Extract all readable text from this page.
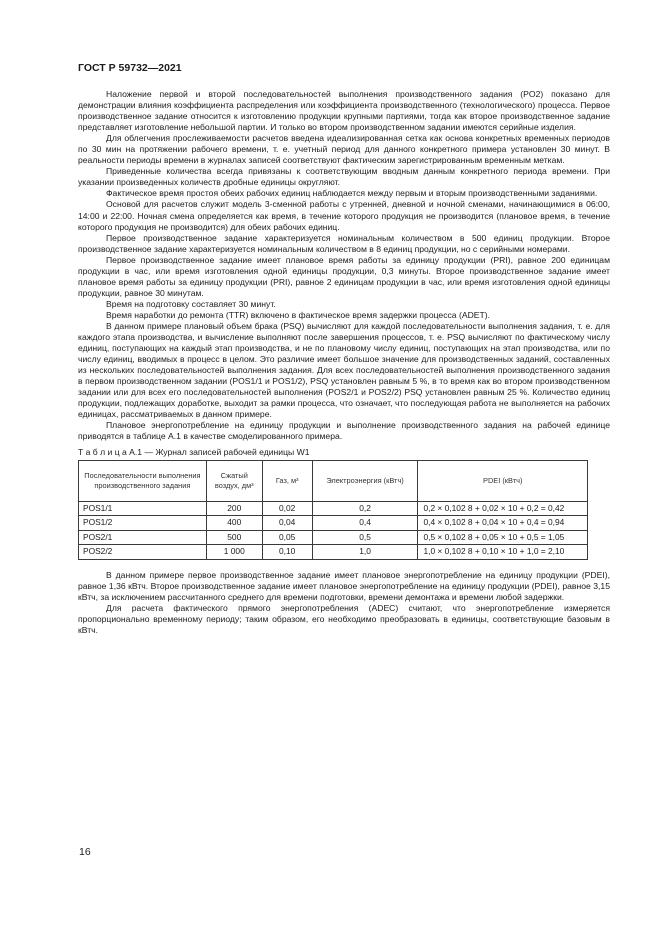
ГОСТ Р 59732—2021

Наложение первой и второй последовательностей выполнения производственного задания (PO2) показано для демонстрации влияния коэффициента распределения или коэффициента производственного (технологического) процесса. Первое производственное задание относится к изготовлению продукции крупными партиями, тогда как второе производственное задание представляет изготовление небольшой партии. И только во втором производственном задании имеются серийные изделия.

Для облегчения прослеживаемости расчетов введена идеализированная сетка как основа конкретных временных периодов по 30 мин на протяжении рабочего времени, т. е. учетный период для данного конкретного примера установлен 30 минут. В реальности периоды времени в журналах записей соответствуют фактическим зарегистрированным временным меткам.

Приведенные количества всегда привязаны к соответствующим вводным данным конкретного периода времени. При указании произведенных количеств дробные единицы округляют.

Фактическое время простоя обеих рабочих единиц наблюдается между первым и вторым производственными заданиями.

Основой для расчетов служит модель 3-сменной работы с утренней, дневной и ночной сменами, начинающимися в 06:00, 14:00 и 22:00. Ночная смена определяется как время, в течение которого продукция не производится (плановое время, в течение которого продукция не производится) для обеих рабочих единиц.

Первое производственное задание характеризуется номинальным количеством в 500 единиц продукции. Второе производственное задание характеризуется номинальным количеством в 8 единиц продукции, но с серийными номерами.

Первое производственное задание имеет плановое время работы за единицу продукции (PRI), равное 200 единицам продукции в час, или время изготовления одной единицы продукции, 0,3 минуты. Второе производственное задание имеет плановое время работы за единицу продукции (PRI), равное 2 единицам продукции в час, или время изготовления одной единицы продукции, равное 30 минутам.

Время на подготовку составляет 30 минут.

Время наработки до ремонта (TTR) включено в фактическое время задержки процесса (ADET).

В данном примере плановый объем брака (PSQ) вычисляют для каждой последовательности выполнения задания, т. е. для каждого этапа производства, и вычисление выполняют после завершения процессов, т. е. PSQ вычисляют по фактическому числу единиц, поступающих на каждый этап производства, и не по плановому числу единиц, поступающих на этап производства, или по числу единиц, вводимых в процесс в целом. Это различие имеет большое значение для производственных заданий, составленных из нескольких последовательностей выполнения задания. Для всех последовательностей выполнения производственного задания в первом производственном задании (POS1/1 и POS1/2), PSQ установлен равным 5 %, в то время как во втором производственном задании или для всех его последовательностей выполнения (POS2/1 и POS2/2) PSQ установлен равным 25 %. Количество единиц продукции, подлежащих доработке, выходит за рамки процесса, что означает, что последующая работа не выполняется на рабочих единицах, рассматриваемых в данном примере.

Плановое энергопотребление на единицу продукции и выполнение производственного задания на рабочей единице приводятся в таблице А.1 в качестве смоделированного примера.

Т а б л и ц а А.1 — Журнал записей рабочей единицы W1
Последовательности выполнения производственного задания	Сжатый воздух, дм³	Газ, м³	Электроэнергия (кВтч)	PDEI (кВтч)
POS1/1	200	0,02	0,2	0,2 × 0,102 8 + 0,02 × 10 + 0,2 = 0,42
POS1/2	400	0,04	0,4	0,4 × 0,102 8 + 0,04 × 10 + 0,4 = 0,94
POS2/1	500	0,05	0,5	0,5 × 0,102 8 + 0,05 × 10 + 0,5 = 1,05
POS2/2	1 000	0,10	1,0	1,0 × 0,102 8 + 0,10 × 10 + 1,0 = 2,10

В данном примере первое производственное задание имеет плановое энергопотребление на единицу продукции (PDEI), равное 1,36 кВтч. Второе производственное задание имеет плановое энергопотребление на единицу продукции (PDEI), равное 3,15 кВтч, за исключением рассчитанного среднего для времени подготовки, времени демонтажа и времени любой задержки.

Для расчета фактического прямого энергопотребления (ADEC) считают, что энергопотребление измеряется пропорционально временному периоду; таким образом, его необходимо преобразовать в единицы, соответствующие базовым в кВтч.

16
